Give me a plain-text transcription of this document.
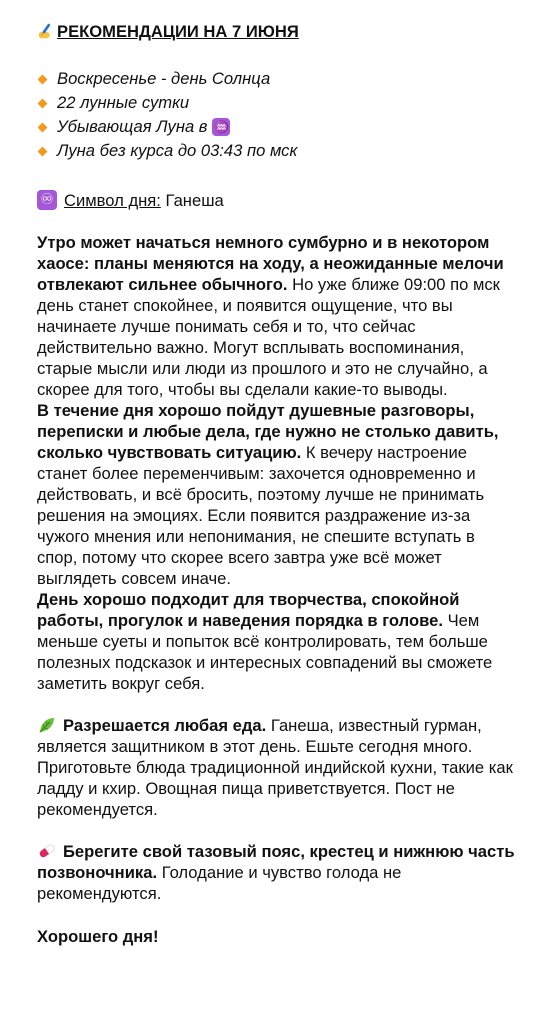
РЕКОМЕНДАЦИИ НА 7 ИЮНЯ
Воскресенье - день Солнца
22 лунные сутки
Убывающая Луна в ♒
Луна без курса до 03:43 по мск
♾ Символ дня:
Ганеша

Утро может начаться немного сумбурно и в некотором хаосе: планы меняются на ходу, а неожиданные мелочи отвлекают сильнее обычного. Но уже ближе 09:00 по мск день станет спокойнее, и появится ощущение, что вы начинаете лучше понимать себя и то, что сейчас действительно важно. Могут всплывать воспоминания, старые мысли или люди из прошлого и это не случайно, а скорее для того, чтобы вы сделали какие-то выводы.

В течение дня хорошо пойдут душевные разговоры, переписки и любые дела, где нужно не столько давить, сколько чувствовать ситуацию. К вечеру настроение станет более переменчивым: захочется одновременно и действовать, и всё бросить, поэтому лучше не принимать решения на эмоциях. Если появится раздражение из-за чужого мнения или непонимания, не спешите вступать в спор, потому что скорее всего завтра уже всё может выглядеть совсем иначе.

День хорошо подходит для творчества, спокойной работы, прогулок и наведения порядка в голове. Чем меньше суеты и попыток всё контролировать, тем больше полезных подсказок и интересных совпадений вы сможете заметить вокруг себя.

Разрешается любая еда. Ганеша, известный гурман, является защитником в этот день. Ешьте сегодня много. Приготовьте блюда традиционной индийской кухни, такие как ладду и кхир. Овощная пища приветствуется. Пост не рекомендуется.

Берегите свой тазовый пояс, крестец и нижнюю часть позвоночника. Голодание и чувство голода не рекомендуются.

Хорошего дня!
